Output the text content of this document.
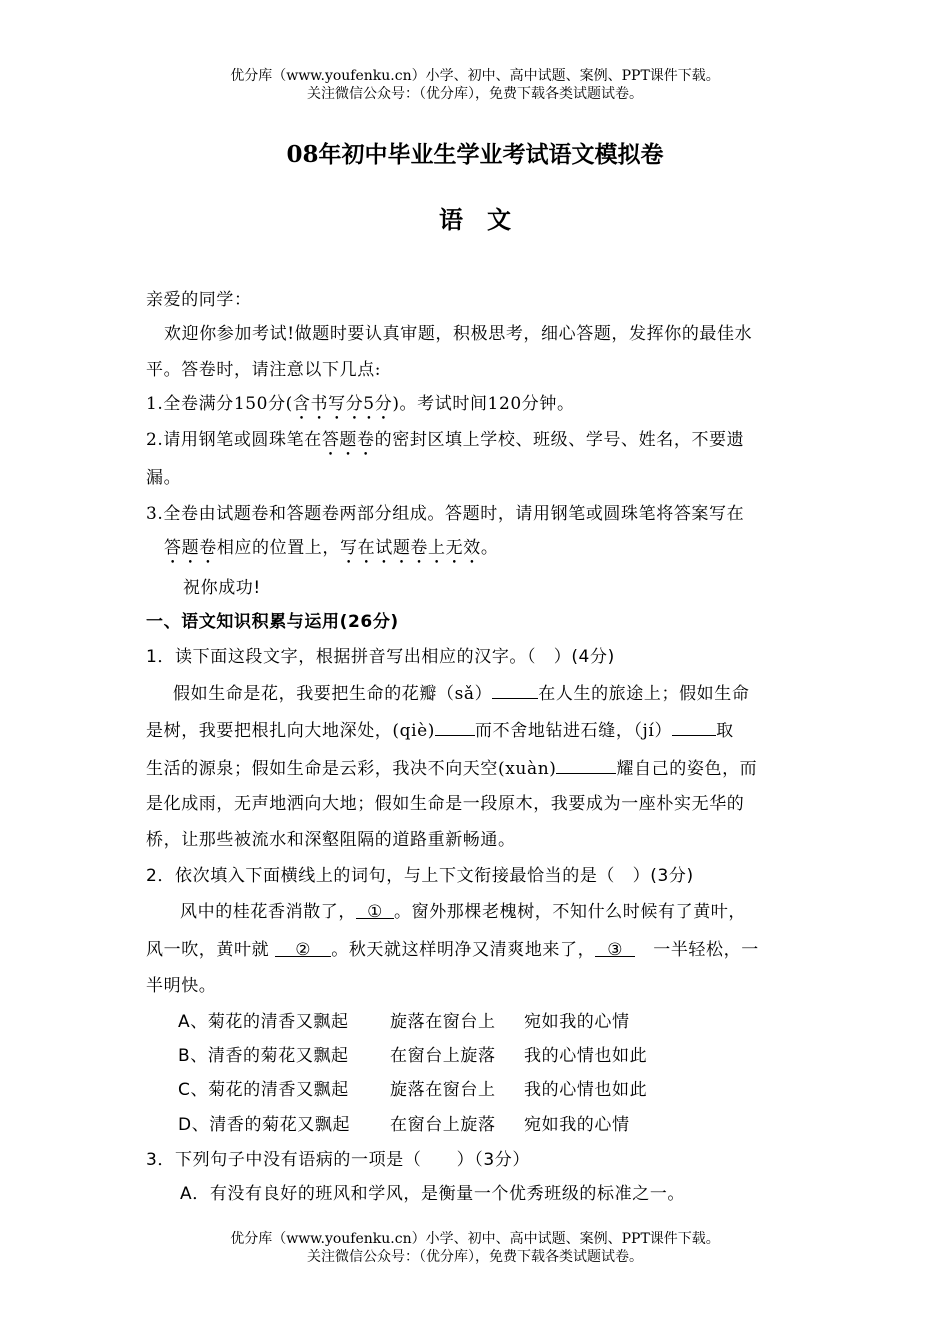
优分库（www.youfenku.cn）小学、初中、高中试题、案例、PPT课件下载。
关注微信公众号：（优分库），免费下载各类试题试卷。
08年初中毕业生学业考试语文模拟卷
语　文
亲爱的同学：
欢迎你参加考试!做题时要认真审题，积极思考，细心答题，发挥你的最佳水
平。答卷时，请注意以下几点:
1.全卷满分150分(含书写分5分)。考试时间120分钟。
2.请用钢笔或圆珠笔在答题卷的密封区填上学校、班级、学号、姓名，不要遗
漏。
3.全卷由试题卷和答题卷两部分组成。答题时，请用钢笔或圆珠笔将答案写在
答题卷相应的位置上，写在试题卷上无效。
祝你成功!
一、语文知识积累与运用(26分)
1．读下面这段文字，根据拼音写出相应的汉字。（　）(4分)
假如生命是花，我要把生命的花瓣（sǎ）	在人生的旅途上；假如生命
是树，我要把根扎向大地深处，(qiè) 而不舍地钻进石缝，（jí）	取
生活的源泉；假如生命是云彩，我决不向天空(xuàn)	耀自己的姿色，而
是化成雨，无声地洒向大地；假如生命是一段原木，我要成为一座朴实无华的
桥，让那些被流水和深壑阻隔的道路重新畅通。
2．依次填入下面横线上的词句，与上下文衔接最恰当的是（　）(3分)
风中的桂花香消散了， ① 。窗外那棵老槐树，不知什么时候有了黄叶，
风一吹，黄叶就 ② 。秋天就这样明净又清爽地来了， ③ 一半轻松，一
半明快。
A、菊花的清香又飘起 旋落在窗台上 宛如我的心情
B、清香的菊花又飘起 在窗台上旋落 我的心情也如此
C、菊花的清香又飘起 旋落在窗台上 我的心情也如此
D、清香的菊花又飘起 在窗台上旋落 宛如我的心情
3．下列句子中没有语病的一项是（　　）（3分）
A．有没有良好的班风和学风，是衡量一个优秀班级的标准之一。
优分库（www.youfenku.cn）小学、初中、高中试题、案例、PPT课件下载。
关注微信公众号：（优分库），免费下载各类试题试卷。
